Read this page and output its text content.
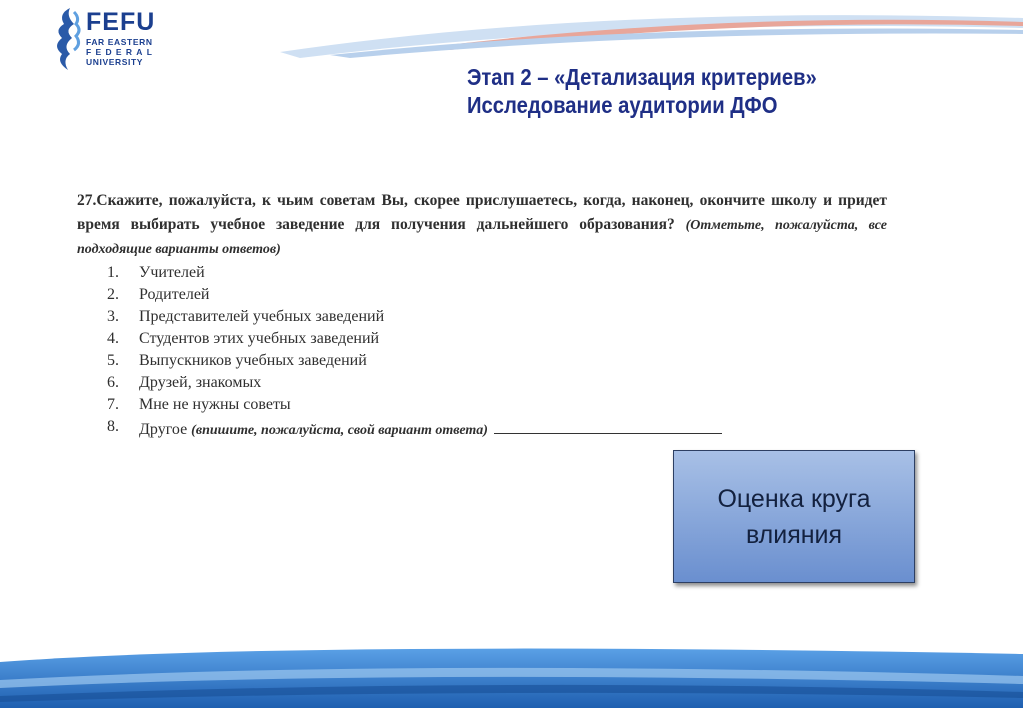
FEFU
FAR EASTERN
FEDERAL
UNIVERSITY
Этап 2 – «Детализация критериев»
Исследование аудитории ДФО
27.Скажите, пожалуйста, к чьим советам Вы, скорее прислушаетесь, когда, наконец, окончите школу и придет время выбирать учебное заведение для получения дальнейшего образования? (Отметьте, пожалуйста, все подходящие варианты ответов)
1. Учителей
2. Родителей
3. Представителей учебных заведений
4. Студентов этих учебных заведений
5. Выпускников учебных заведений
6. Друзей, знакомых
7. Мне не нужны советы
8. Другое (впишите, пожалуйста, свой вариант ответа)
Оценка круга влияния
